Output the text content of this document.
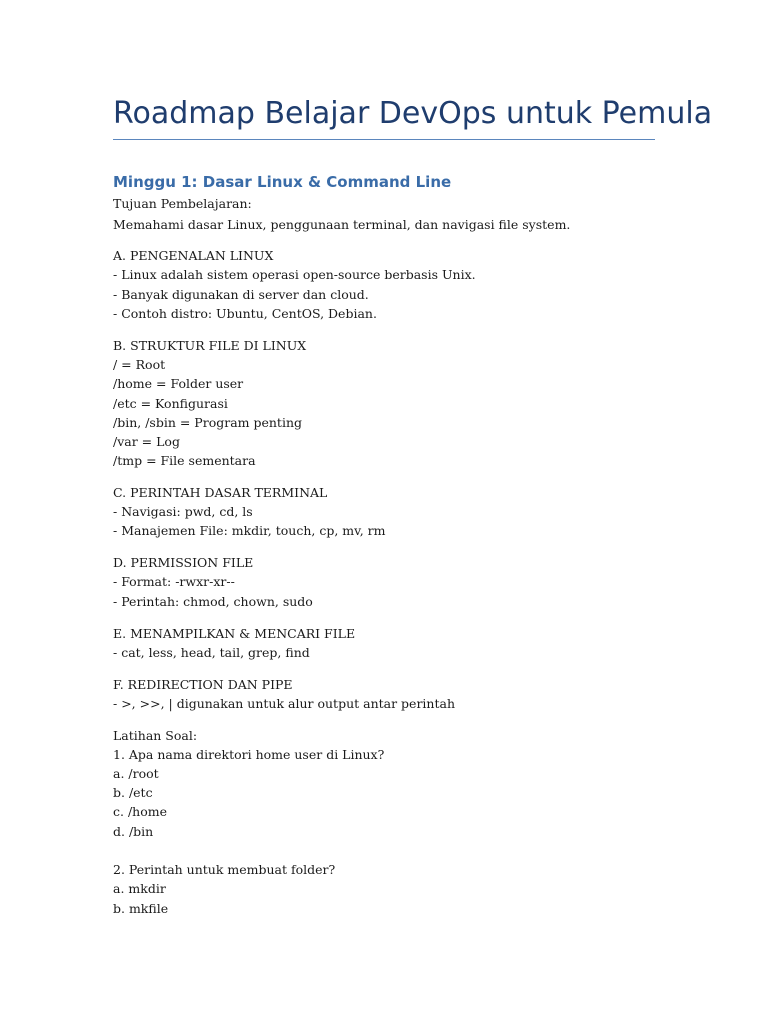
Roadmap Belajar DevOps untuk Pemula
Minggu 1: Dasar Linux & Command Line

Tujuan Pembelajaran:

Memahami dasar Linux, penggunaan terminal, dan navigasi file system.

A. PENGENALAN LINUX

- Linux adalah sistem operasi open-source berbasis Unix.

- Banyak digunakan di server dan cloud.

- Contoh distro: Ubuntu, CentOS, Debian.

B. STRUKTUR FILE DI LINUX

/ = Root

/home = Folder user

/etc = Konfigurasi

/bin, /sbin = Program penting

/var = Log

/tmp = File sementara

C. PERINTAH DASAR TERMINAL

- Navigasi: pwd, cd, ls

- Manajemen File: mkdir, touch, cp, mv, rm

D. PERMISSION FILE

- Format: -rwxr-xr--

- Perintah: chmod, chown, sudo

E. MENAMPILKAN & MENCARI FILE

- cat, less, head, tail, grep, find

F. REDIRECTION DAN PIPE

- >, >>, | digunakan untuk alur output antar perintah

Latihan Soal:

1. Apa nama direktori home user di Linux?

a. /root

b. /etc

c. /home

d. /bin

2. Perintah untuk membuat folder?

a. mkdir

b. mkfile
